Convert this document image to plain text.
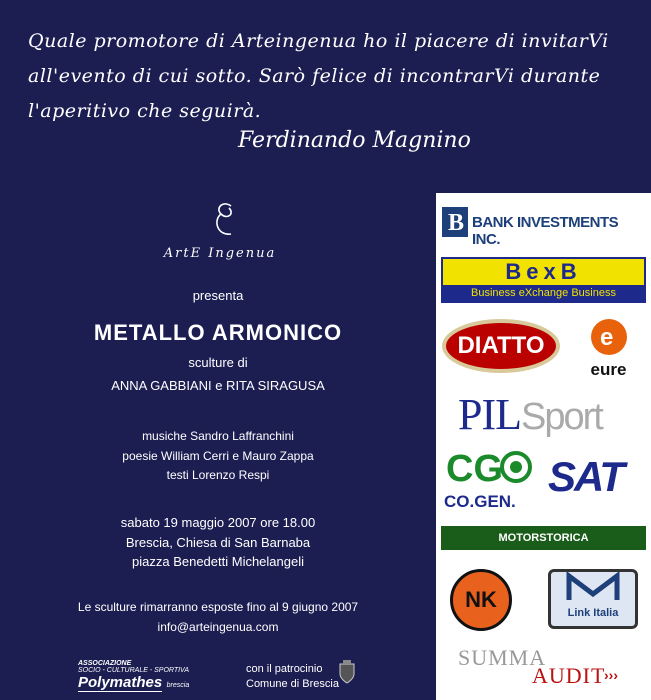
Quale promotore di Arteingenua ho il piacere di invitarVi

all'evento di cui sotto. Sarò felice di incontrarVi durante

l'aperitivo che seguirà.

Ferdinando Magnino
ArtE Ingenua
presenta
METALLO ARMONICO
sculture di
ANNA GABBIANI e RITA SIRAGUSA
musiche Sandro Laffranchini
poesie William Cerri e Mauro Zappa
testi Lorenzo Respi
sabato 19 maggio 2007 ore 18.00
Brescia, Chiesa di San Barnaba
piazza Benedetti Michelangeli
Le sculture rimarranno esposte fino al 9 giugno 2007
info@arteingenua.com
ASSOCIAZIONE
SOCIO - CULTURALE - SPORTIVA
Polymathes brescia
con il patrocinio
Comune di Brescia
B BANK INVESTMENTS INC.
BexB
Business eXchange Business
DIATTO	e
eure
PILSport
CG
CO.GEN.
SAT
MOTORSTORICA
NK
Link Italia
SUMMA
AUDIT
›››
